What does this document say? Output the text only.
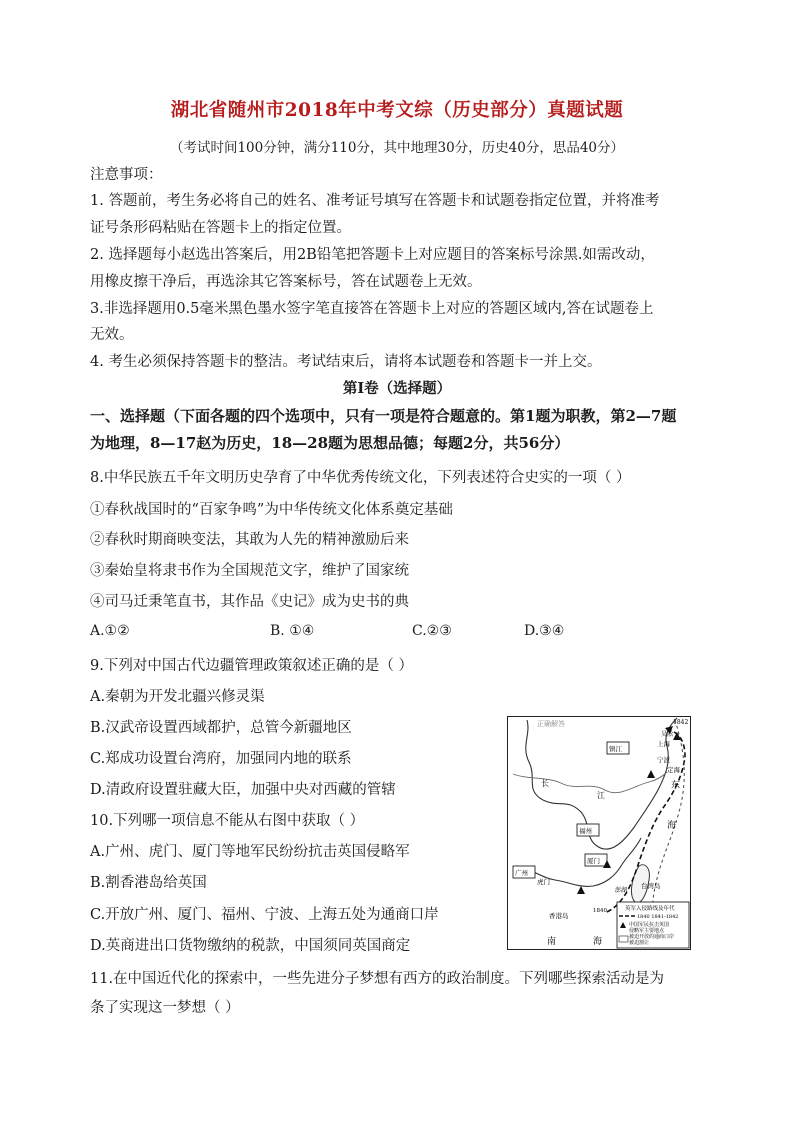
湖北省随州市2018年中考文综（历史部分）真题试题
（考试时间100分钟，满分110分，其中地理30分，历史40分，思品40分）
注意事项：
1. 答题前，考生务必将自己的姓名、准考证号填写在答题卡和试题卷指定位置，并将准考
证号条形码粘贴在答题卡上的指定位置。
2. 选择题每小赵选出答案后，用2B铅笔把答题卡上对应题目的答案标号涂黑.如需改动，
用橡皮擦干净后，再选涂其它答案标号，答在试题卷上无效。
3.非选择题用0.5毫米黑色墨水签字笔直接答在答题卡上对应的答题区域内,答在试题卷上
无效。
4. 考生必须保持答题卡的整洁。考试结束后，请将本试题卷和答题卡一并上交。
第Ⅰ卷（选择题）
一、选择题（下面各题的四个选项中，只有一项是符合题意的。第1题为职教，第2—7题
为地理，8—17赵为历史，18—28题为思想品德；每题2分，共56分）
8.中华民族五千年文明历史孕育了中华优秀传统文化，下列表述符合史实的一项（ ）
①春秋战国时的“百家争鸣”为中华传统文化体系奠定基础
②春秋时期商映变法，其敢为人先的精神激励后来
③秦始皇将隶书作为全国规范文字，维护了国家统
④司马迁秉笔直书，其作品《史记》成为史书的典
A.①②	B. ①④	C.②③	D.③④
9.下列对中国古代边疆管理政策叙述正确的是（ ）
A.秦朝为开发北疆兴修灵渠
B.汉武帝设置西域都护，总管今新疆地区
C.郑成功设置台湾府，加强同内地的联系
D.清政府设置驻藏大臣，加强中央对西藏的管辖
10.下列哪一项信息不能从右图中获取（ ）
A.广州、虎门、厦门等地军民纷纷抗击英国侵略军
B.割香港岛给英国
C.开放广州、厦门、福州、宁波、上海五处为通商口岸
D.英商进出口货物缴纳的税款，中国须同英国商定
11.在中国近代化的探索中，一些先进分子梦想有西方的政治制度。下列哪些探索活动是为
条了实现这一梦想（ ）
正确解答	1842
镇江
上海
吴淞
宁波
定海
福州
厦门
广州
虎门
香港岛
台湾岛
澎湖
长
江
东
海
南	海
英军入侵路线及年代
1840
1840 1841-1842
中国军民抗击英国
侵略军主要地点
被迫开放的通商口岸
被迫割让
